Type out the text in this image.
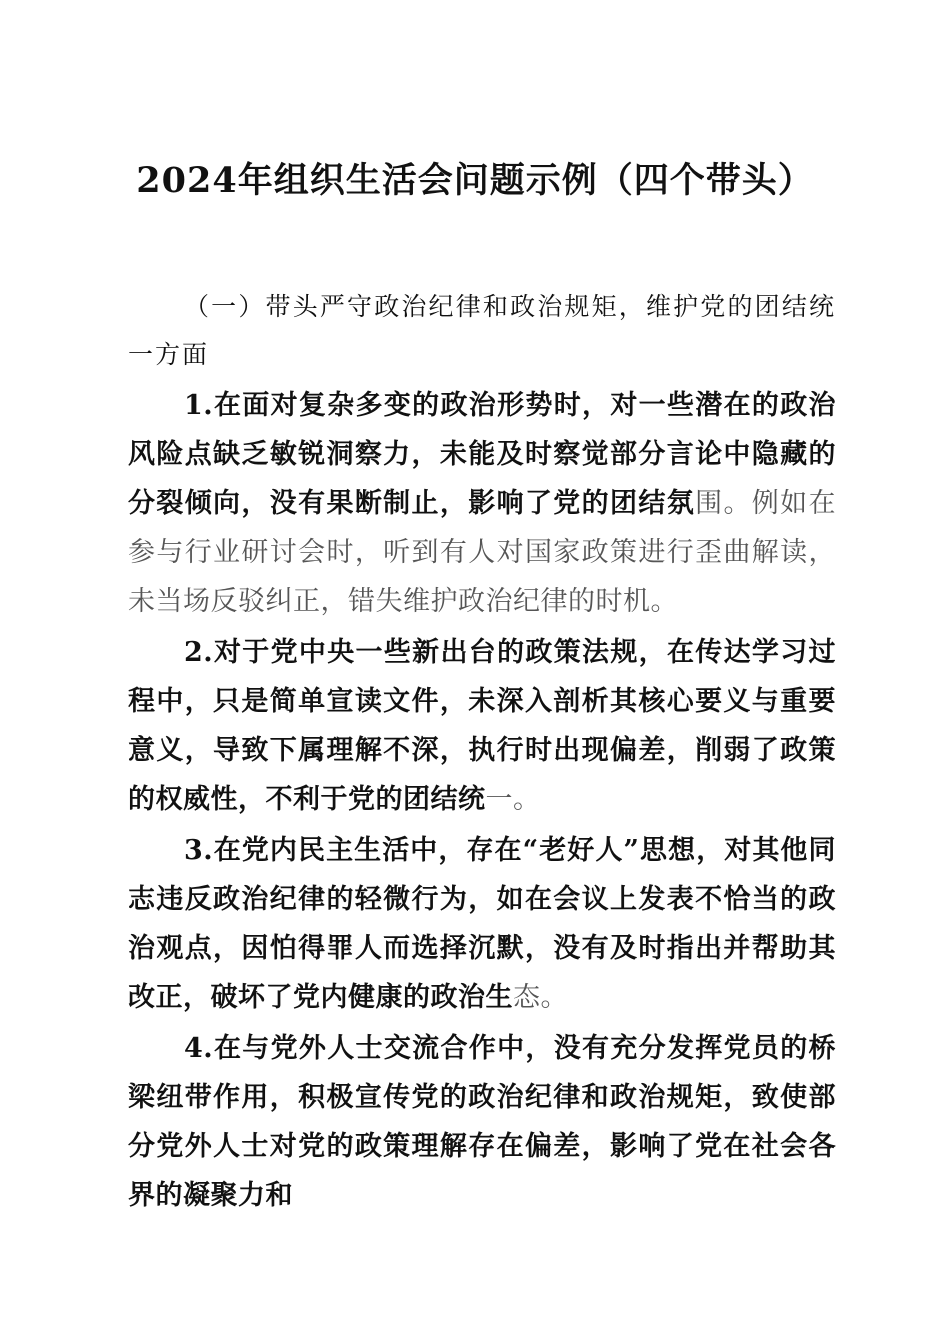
2024年组织生活会问题示例（四个带头）

（一）带头严守政治纪律和政治规矩，维护党的团结统一方面

1.在面对复杂多变的政治形势时，对一些潜在的政治风险点缺乏敏锐洞察力，未能及时察觉部分言论中隐藏的分裂倾向，没有果断制止，影响了党的团结氛围。例如在参与行业研讨会时，听到有人对国家政策进行歪曲解读，未当场反驳纠正，错失维护政治纪律的时机。

2.对于党中央一些新出台的政策法规，在传达学习过程中，只是简单宣读文件，未深入剖析其核心要义与重要意义，导致下属理解不深，执行时出现偏差，削弱了政策的权威性，不利于党的团结统一。

3.在党内民主生活中，存在“老好人”思想，对其他同志违反政治纪律的轻微行为，如在会议上发表不恰当的政治观点，因怕得罪人而选择沉默，没有及时指出并帮助其改正，破坏了党内健康的政治生态。

4.在与党外人士交流合作中，没有充分发挥党员的桥梁纽带作用，积极宣传党的政治纪律和政治规矩，致使部分党外人士对党的政策理解存在偏差，影响了党在社会各界的凝聚力和
